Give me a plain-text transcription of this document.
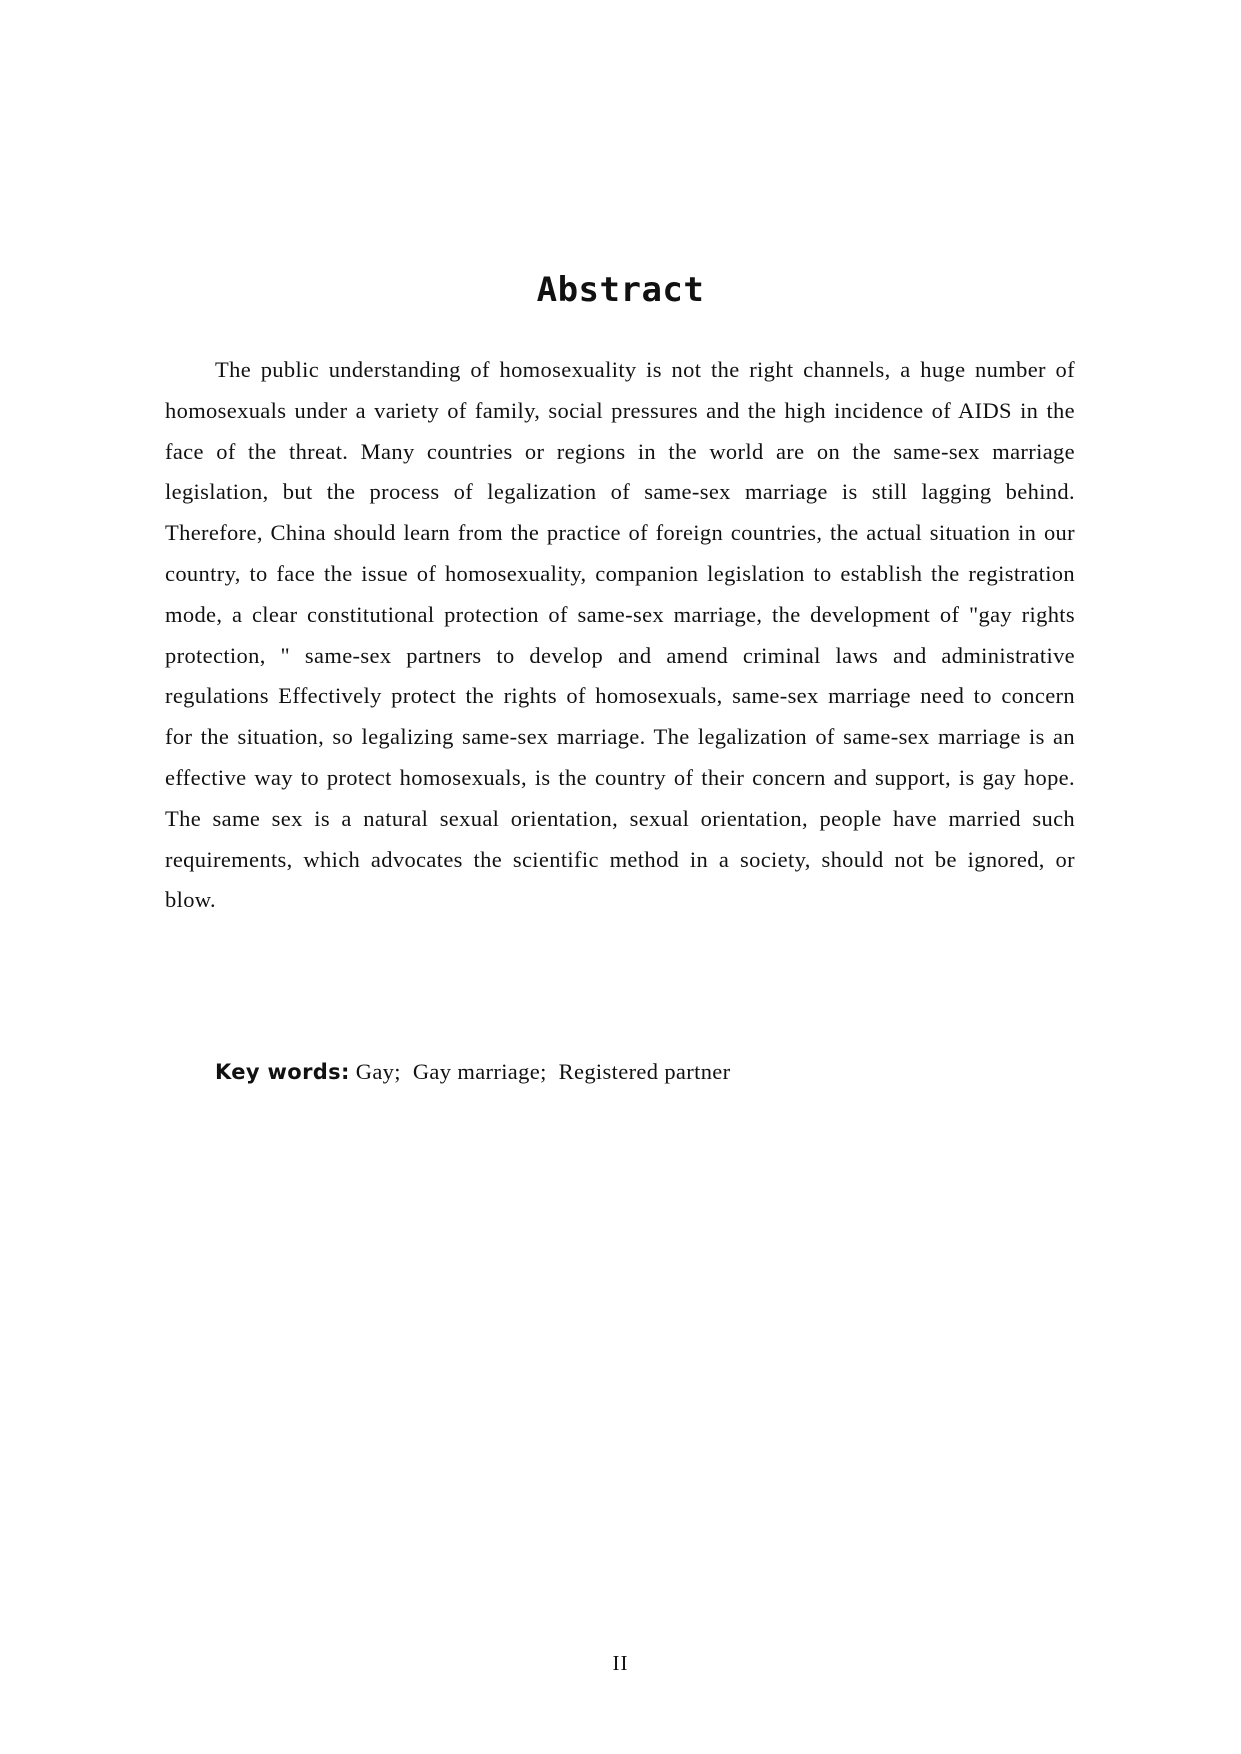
Abstract

The public understanding of homosexuality is not the right channels, a huge number of homosexuals under a variety of family, social pressures and the high incidence of AIDS in the face of the threat. Many countries or regions in the world are on the same-sex marriage legislation, but the process of legalization of same-sex marriage is still lagging behind. Therefore, China should learn from the practice of foreign countries, the actual situation in our country, to face the issue of homosexuality, companion legislation to establish the registration mode, a clear constitutional protection of same-sex marriage, the development of "gay rights protection, " same-sex partners to develop and amend criminal laws and administrative regulations Effectively protect the rights of homosexuals, same-sex marriage need to concern for the situation, so legalizing same-sex marriage. The legalization of same-sex marriage is an effective way to protect homosexuals, is the country of their concern and support, is gay hope. The same sex is a natural sexual orientation, sexual orientation, people have married such requirements, which advocates the scientific method in a society, should not be ignored, or blow.

Key words: Gay;  Gay marriage;  Registered partner
II
